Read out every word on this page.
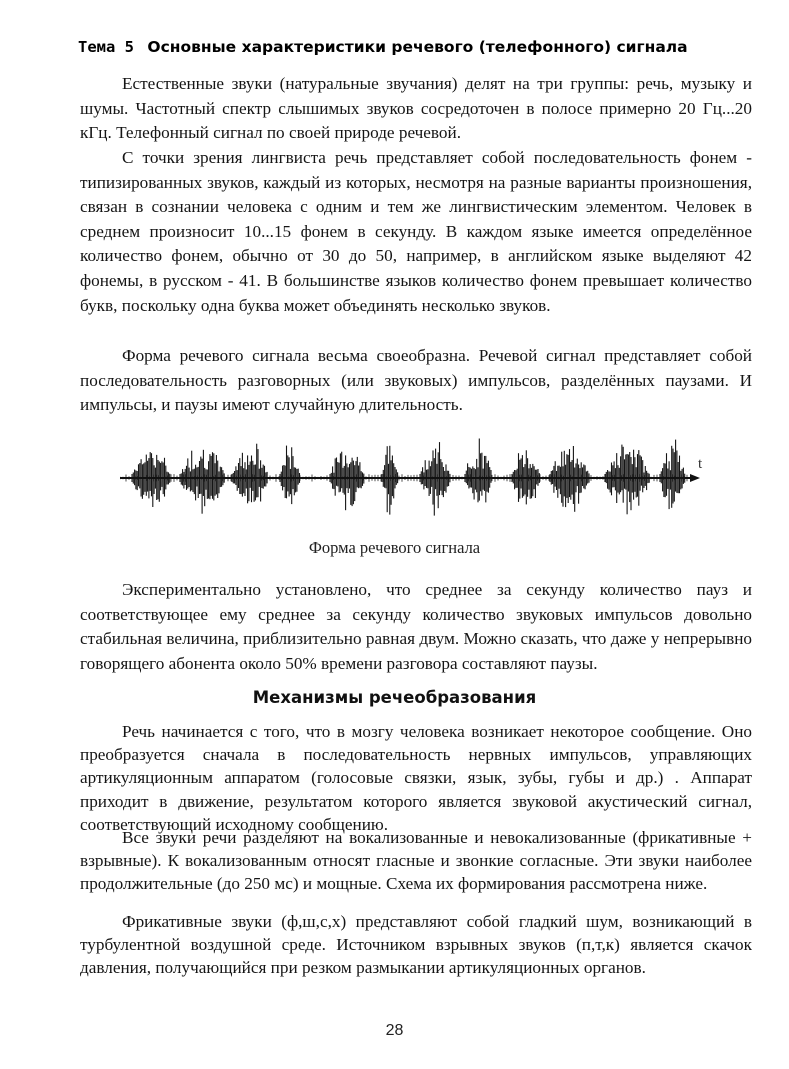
Тема 5 Основные характеристики речевого (телефонного) сигнала

Естественные звуки (натуральные звучания) делят на три группы: речь, музыку и шумы. Частотный спектр слышимых звуков сосредоточен в полосе примерно 20 Гц...20 кГц. Телефонный сигнал по своей природе речевой.

С точки зрения лингвиста речь представляет собой последовательность фонем - типизированных звуков, каждый из которых, несмотря на разные варианты произношения, связан в сознании человека с одним и тем же лингвистическим элементом. Человек в среднем произносит 10...15 фонем в секунду. В каждом языке имеется определённое количество фонем, обычно от 30 до 50, например, в английском языке выделяют 42 фонемы, в русском - 41. В большинстве языков количество фонем превышает количество букв, поскольку одна буква может объединять несколько звуков.

Форма речевого сигнала весьма своеобразна. Речевой сигнал представляет собой последовательность разговорных (или звуковых) импульсов, разделённых паузами. И импульсы, и паузы имеют случайную длительность.

t
Форма речевого сигнала

Экспериментально установлено, что среднее за секунду количество пауз и соответствующее ему среднее за секунду количество звуковых импульсов довольно стабильная величина, приблизительно равная двум. Можно сказать, что даже у непрерывно говорящего абонента около 50% времени разговора составляют паузы.

Механизмы речеобразования

Речь начинается с того, что в мозгу человека возникает некоторое сообщение. Оно преобразуется сначала в последовательность нервных импульсов, управляющих артикуляционным аппаратом (голосовые связки, язык, зубы, губы и др.) . Аппарат приходит в движение, результатом которого является звуковой акустический сигнал, соответствующий исходному сообщению.

Все звуки речи разделяют на вокализованные и невокализованные (фрикативные + взрывные). К вокализованным относят гласные и звонкие согласные. Эти звуки наиболее продолжительные (до 250 мс) и мощные. Схема их формирования рассмотрена ниже.

Фрикативные звуки (ф,ш,с,х) представляют собой гладкий шум, возникающий в турбулентной воздушной среде. Источником взрывных звуков (п,т,к) является скачок давления, получающийся при резком размыкании артикуляционных органов.

28
